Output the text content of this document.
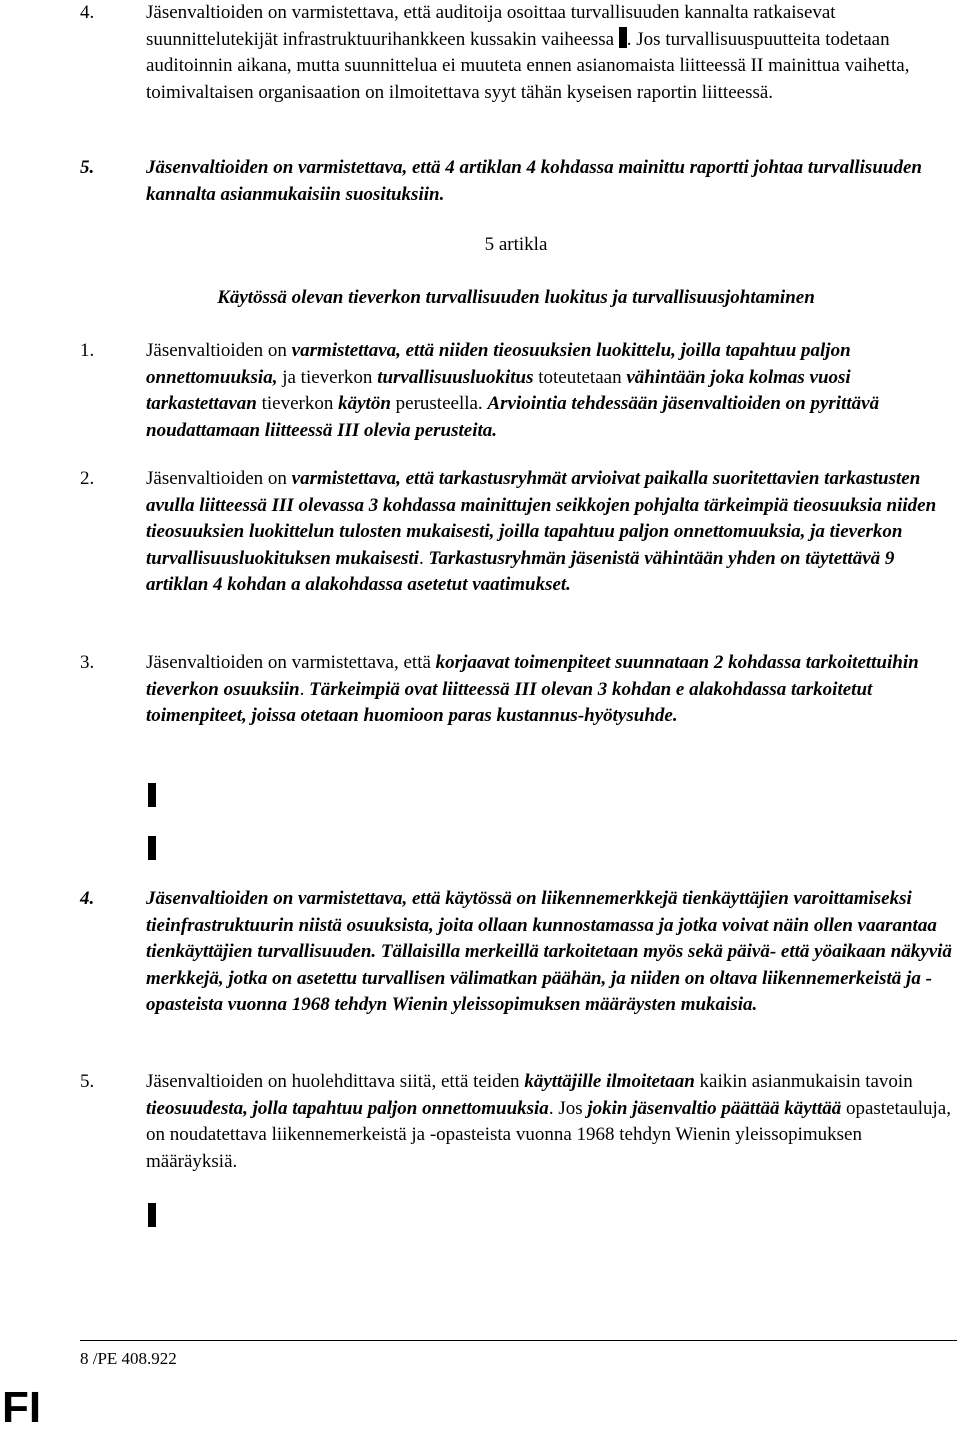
4.	Jäsenvaltioiden on varmistettava, että auditoija osoittaa turvallisuuden kannalta ratkaisevat suunnittelutekijät infrastruktuurihankkeen kussakin vaiheessa . Jos turvallisuuspuutteita todetaan auditoinnin aikana, mutta suunnittelua ei muuteta ennen asianomaista liitteessä II mainittua vaihetta, toimivaltaisen organisaation on ilmoitettava syyt tähän kyseisen raportin liitteessä.
5.	Jäsenvaltioiden on varmistettava, että 4 artiklan 4 kohdassa mainittu raportti johtaa turvallisuuden kannalta asianmukaisiin suosituksiin.
5 artikla
Käytössä olevan tieverkon turvallisuuden luokitus ja turvallisuusjohtaminen
1.	Jäsenvaltioiden on varmistettava, että niiden tieosuuksien luokittelu, joilla tapahtuu paljon onnettomuuksia, ja tieverkon turvallisuusluokitus toteutetaan vähintään joka kolmas vuosi tarkastettavan tieverkon käytön perusteella. Arviointia tehdessään jäsenvaltioiden on pyrittävä noudattamaan liitteessä III olevia perusteita.
2.	Jäsenvaltioiden on varmistettava, että tarkastusryhmät arvioivat paikalla suoritettavien tarkastusten avulla liitteessä III olevassa 3 kohdassa mainittujen seikkojen pohjalta tärkeimpiä tieosuuksia niiden tieosuuksien luokittelun tulosten mukaisesti, joilla tapahtuu paljon onnettomuuksia, ja tieverkon turvallisuusluokituksen mukaisesti. Tarkastusryhmän jäsenistä vähintään yhden on täytettävä 9 artiklan 4 kohdan a alakohdassa asetetut vaatimukset.
3.	Jäsenvaltioiden on varmistettava, että korjaavat toimenpiteet suunnataan 2 kohdassa tarkoitettuihin tieverkon osuuksiin. Tärkeimpiä ovat liitteessä III olevan 3 kohdan e alakohdassa tarkoitetut toimenpiteet, joissa otetaan huomioon paras kustannus-hyötysuhde.
4.	Jäsenvaltioiden on varmistettava, että käytössä on liikennemerkkejä tienkäyttäjien varoittamiseksi tieinfrastruktuurin niistä osuuksista, joita ollaan kunnostamassa ja jotka voivat näin ollen vaarantaa tienkäyttäjien turvallisuuden. Tällaisilla merkeillä tarkoitetaan myös sekä päivä- että yöaikaan näkyviä merkkejä, jotka on asetettu turvallisen välimatkan päähän, ja niiden on oltava liikennemerkeistä ja -opasteista vuonna 1968 tehdyn Wienin yleissopimuksen määräysten mukaisia.
5.	Jäsenvaltioiden on huolehdittava siitä, että teiden käyttäjille ilmoitetaan kaikin asianmukaisin tavoin tieosuudesta, jolla tapahtuu paljon onnettomuuksia. Jos jokin jäsenvaltio päättää käyttää opastetauluja, on noudatettava liikennemerkeistä ja -opasteista vuonna 1968 tehdyn Wienin yleissopimuksen määräyksiä.
8 /PE 408.922
FI
